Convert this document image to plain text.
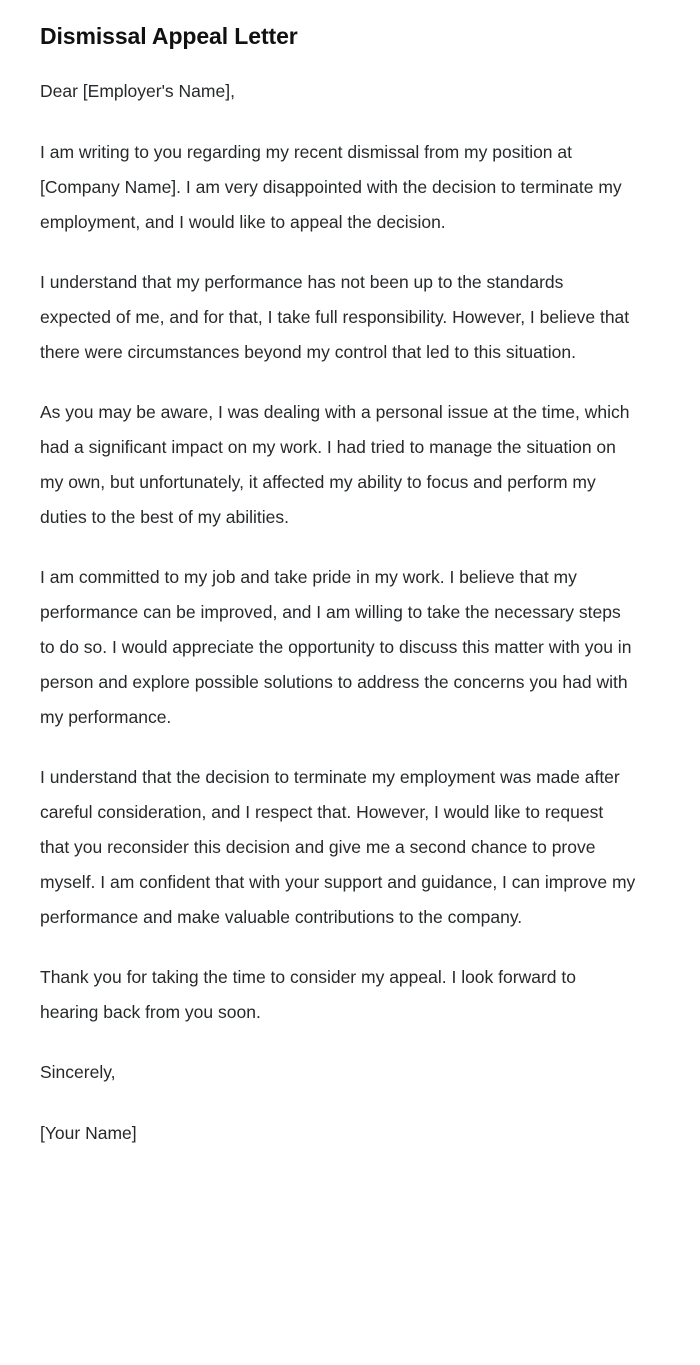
Dismissal Appeal Letter

Dear [Employer's Name],

I am writing to you regarding my recent dismissal from my position at [Company Name]. I am very disappointed with the decision to terminate my employment, and I would like to appeal the decision.

I understand that my performance has not been up to the standards expected of me, and for that, I take full responsibility. However, I believe that there were circumstances beyond my control that led to this situation.

As you may be aware, I was dealing with a personal issue at the time, which had a significant impact on my work. I had tried to manage the situation on my own, but unfortunately, it affected my ability to focus and perform my duties to the best of my abilities.

I am committed to my job and take pride in my work. I believe that my performance can be improved, and I am willing to take the necessary steps to do so. I would appreciate the opportunity to discuss this matter with you in person and explore possible solutions to address the concerns you had with my performance.

I understand that the decision to terminate my employment was made after careful consideration, and I respect that. However, I would like to request that you reconsider this decision and give me a second chance to prove myself. I am confident that with your support and guidance, I can improve my performance and make valuable contributions to the company.

Thank you for taking the time to consider my appeal. I look forward to hearing back from you soon.

Sincerely,

[Your Name]
